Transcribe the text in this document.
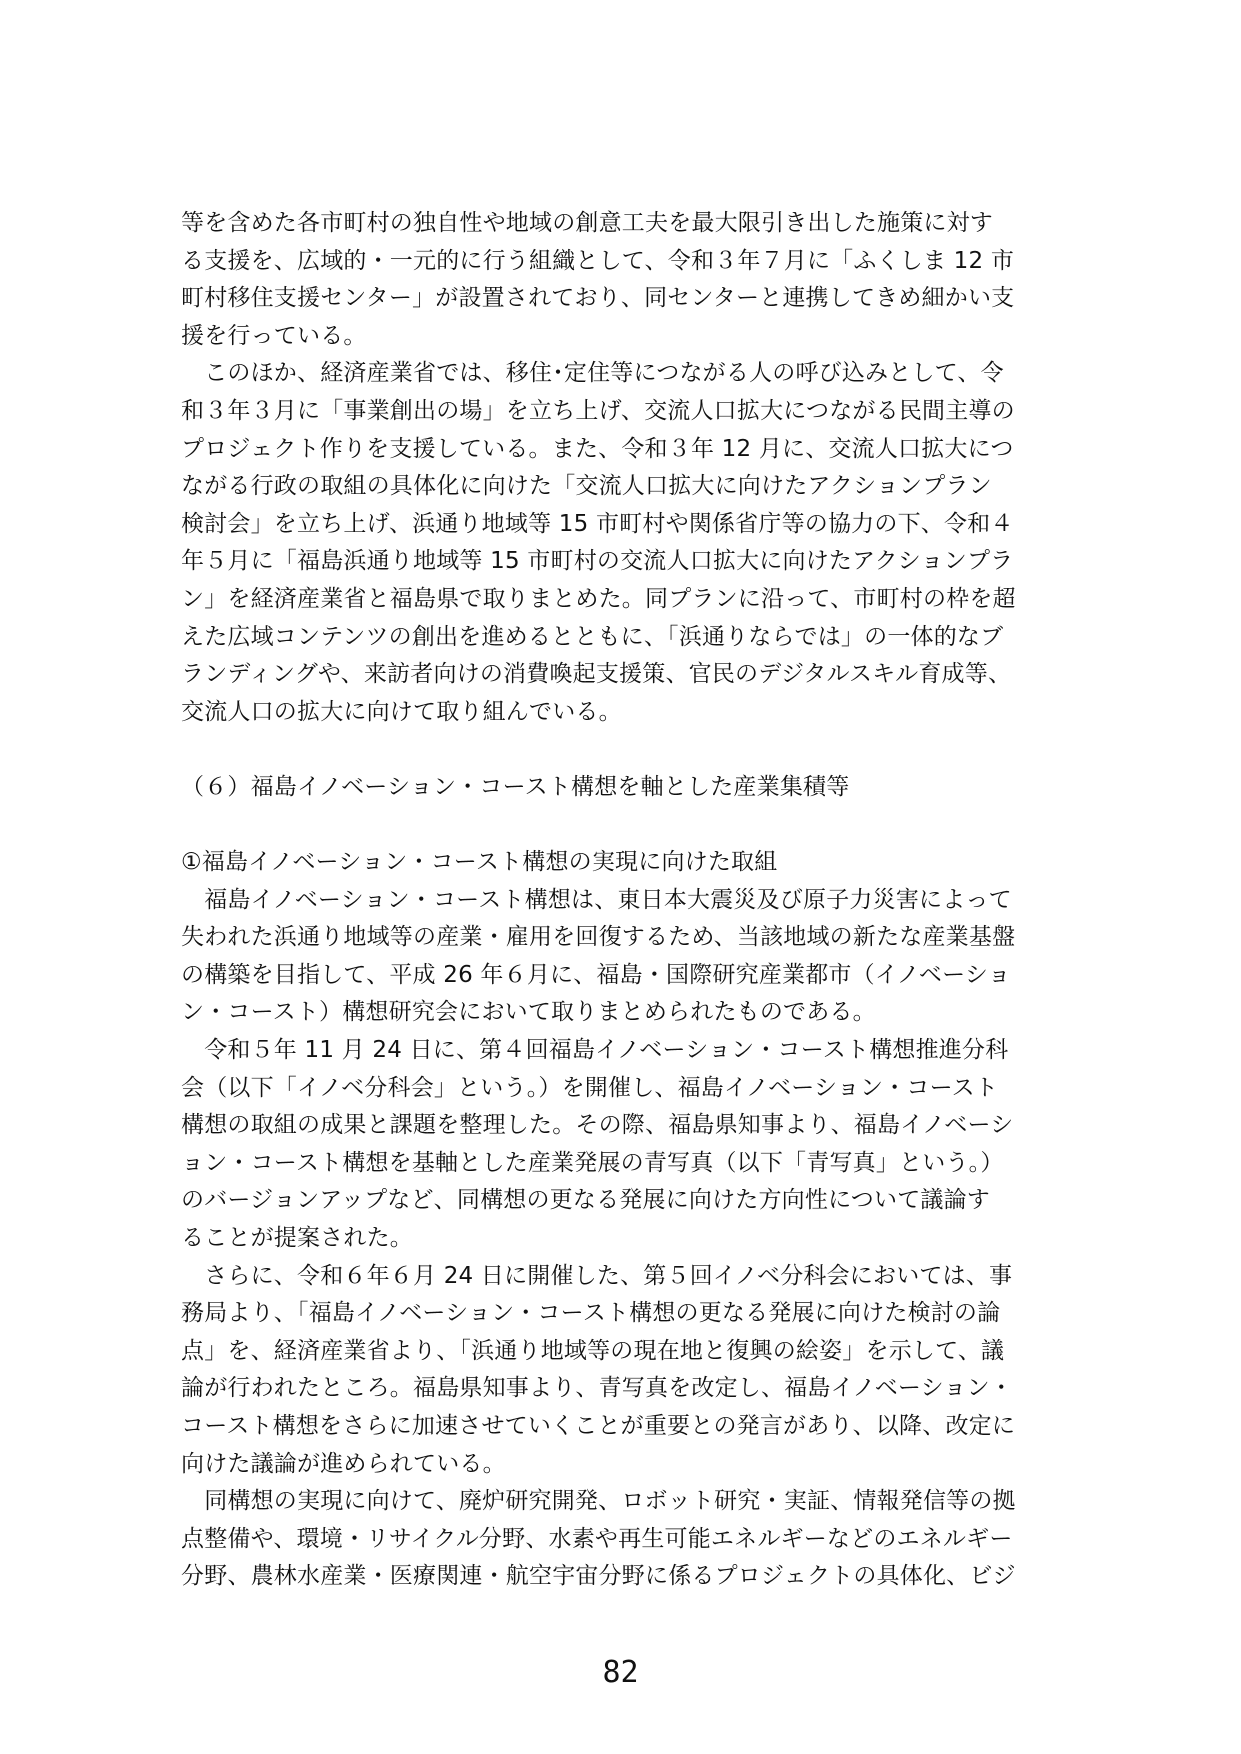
等を含めた各市町村の独自性や地域の創意工夫を最大限引き出した施策に対す
る支援を、広域的・一元的に行う組織として、令和３年７月に「ふくしま 12 市
町村移住支援センター」が設置されており、同センターと連携してきめ細かい支
援を行っている。
　このほか、経済産業省では、移住･定住等につながる人の呼び込みとして、令
和３年３月に「事業創出の場」を立ち上げ、交流人口拡大につながる民間主導の
プロジェクト作りを支援している。また、令和３年 12 月に、交流人口拡大につ
ながる行政の取組の具体化に向けた「交流人口拡大に向けたアクションプラン
検討会」を立ち上げ、浜通り地域等 15 市町村や関係省庁等の協力の下、令和４
年５月に「福島浜通り地域等 15 市町村の交流人口拡大に向けたアクションプラ
ン」を経済産業省と福島県で取りまとめた。同プランに沿って、市町村の枠を超
えた広域コンテンツの創出を進めるとともに、「浜通りならでは」の一体的なブ
ランディングや、来訪者向けの消費喚起支援策、官民のデジタルスキル育成等、
交流人口の拡大に向けて取り組んでいる。
（６）福島イノベーション・コースト構想を軸とした産業集積等
①福島イノベーション・コースト構想の実現に向けた取組
　福島イノベーション・コースト構想は、東日本大震災及び原子力災害によって
失われた浜通り地域等の産業・雇用を回復するため、当該地域の新たな産業基盤
の構築を目指して、平成 26 年６月に、福島・国際研究産業都市（イノベーショ
ン・コースト）構想研究会において取りまとめられたものである。
　令和５年 11 月 24 日に、第４回福島イノベーション・コースト構想推進分科
会（以下「イノベ分科会」という。）を開催し、福島イノベーション・コースト
構想の取組の成果と課題を整理した。その際、福島県知事より、福島イノベーシ
ョン・コースト構想を基軸とした産業発展の青写真（以下「青写真」という。）
のバージョンアップなど、同構想の更なる発展に向けた方向性について議論す
ることが提案された。
　さらに、令和６年６月 24 日に開催した、第５回イノベ分科会においては、事
務局より、「福島イノベーション・コースト構想の更なる発展に向けた検討の論
点」を、経済産業省より、「浜通り地域等の現在地と復興の絵姿」を示して、議
論が行われたところ。福島県知事より、青写真を改定し、福島イノベーション・
コースト構想をさらに加速させていくことが重要との発言があり、以降、改定に
向けた議論が進められている。
　同構想の実現に向けて、廃炉研究開発、ロボット研究・実証、情報発信等の拠
点整備や、環境・リサイクル分野、水素や再生可能エネルギーなどのエネルギー
分野、農林水産業・医療関連・航空宇宙分野に係るプロジェクトの具体化、ビジ
82
